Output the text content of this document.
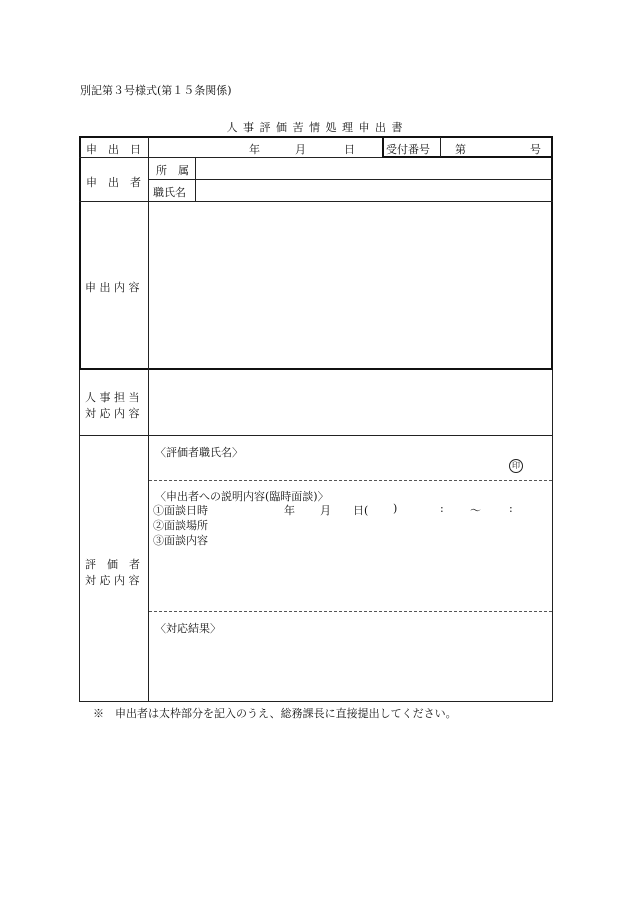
別記第３号様式(第１５条関係)
人 事 評 価 苦 情 処 理 申 出 書
申　出　日	年	月	日	受付番号 第	号
申　出　者
所　属
職氏名
申 出 内 容
人 事 担 当
対 応 内 容
評　価　者
対 応 内 容
〈評価者職氏名〉
印
〈申出者への説明内容(臨時面談)〉
①面談日時	年 月 日( )	: 〜	:
②面談場所
③面談内容
〈対応結果〉
※　申出者は太枠部分を記入のうえ、総務課長に直接提出してください。
